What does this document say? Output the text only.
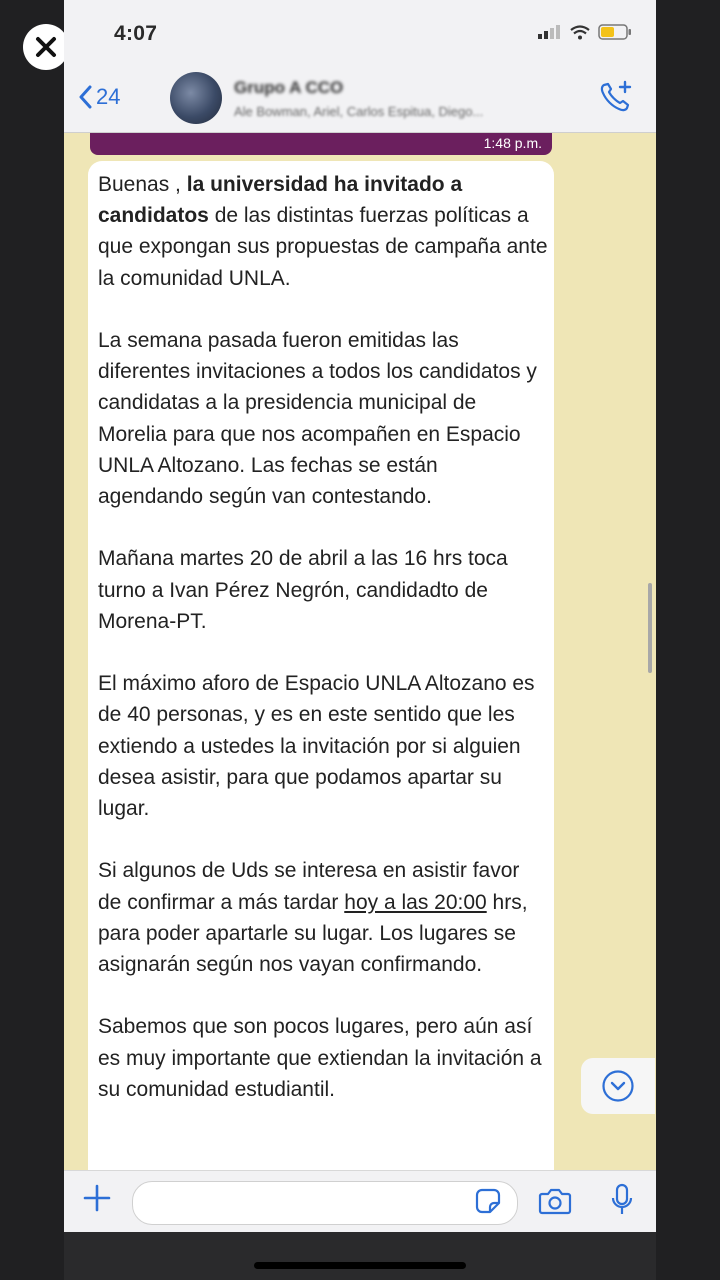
4:07
24	Grupo A CCO
Ale Bowman, Ariel, Carlos Espitua, Diego...
1:48 p.m.

Buenas , la universidad ha invitado a candidatos de las distintas fuerzas políticas a que expongan sus propuestas de campaña ante la comunidad UNLA.

La semana pasada fueron emitidas las diferentes invitaciones a todos los candidatos y candidatas a la presidencia municipal de Morelia para que nos acompañen en Espacio UNLA Altozano. Las fechas se están agendando según van contestando.

Mañana martes 20 de abril a las 16 hrs toca turno a Ivan Pérez Negrón, candidadto de Morena-PT.

El máximo aforo de Espacio UNLA Altozano es de 40 personas, y es en este sentido que les extiendo a ustedes la invitación por si alguien desea asistir, para que podamos apartar su lugar.

Si algunos de Uds se interesa en asistir favor de confirmar a más tardar hoy a las 20:00 hrs, para poder apartarle su lugar. Los lugares se asignarán según nos vayan confirmando.

Sabemos que son pocos lugares, pero aún así es muy importante que extiendan la invitación a su comunidad estudiantil.
